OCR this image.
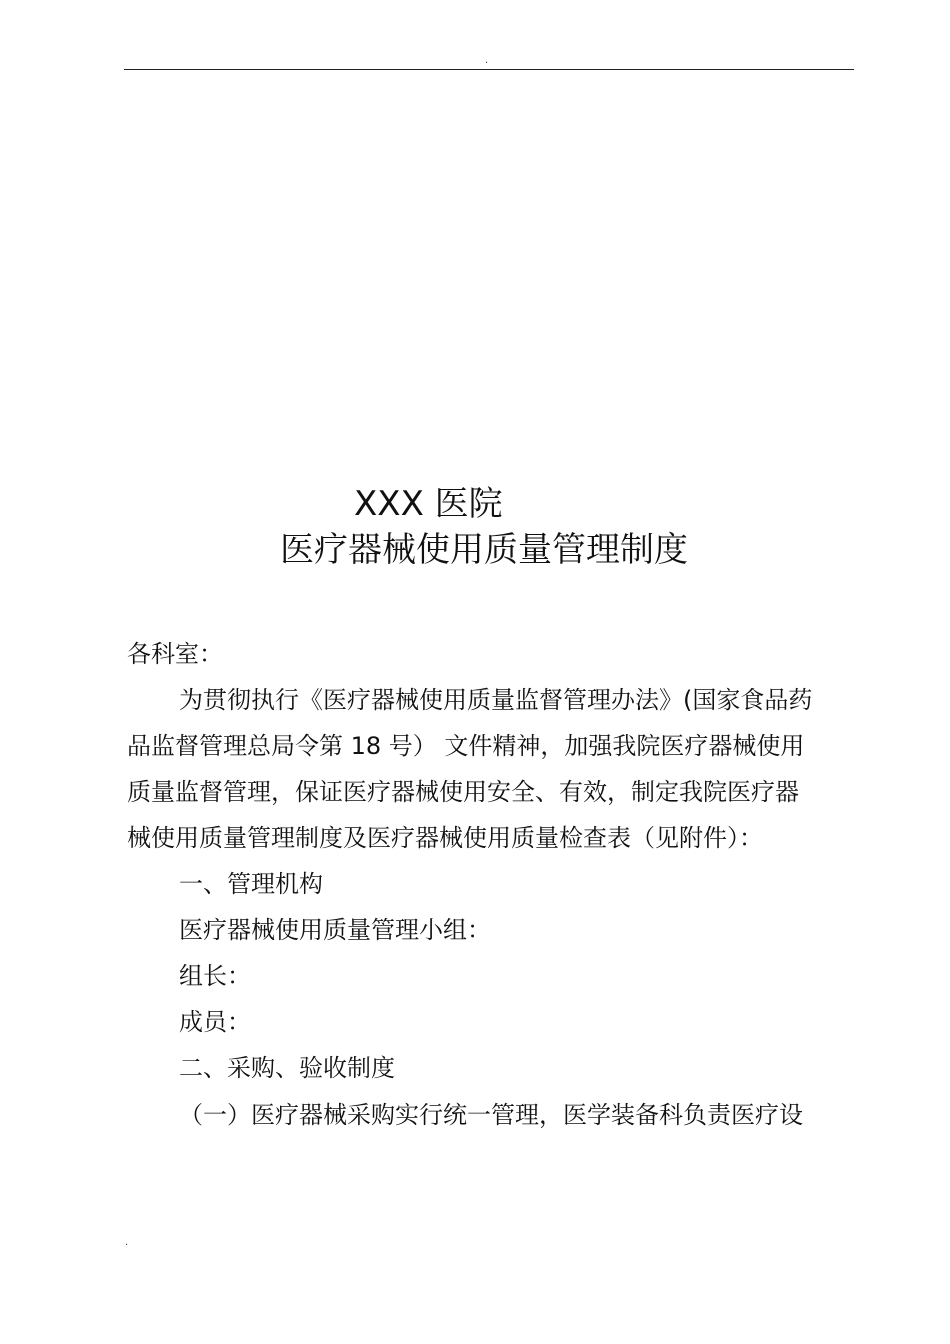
.
XXX 医院
医疗器械使用质量管理制度
各科室：
为贯彻执行《医疗器械使用质量监督管理办法》(国家食品药
品监督管理总局令第 18 号） 文件精神，加强我院医疗器械使用
质量监督管理，保证医疗器械使用安全、有效，制定我院医疗器
械使用质量管理制度及医疗器械使用质量检查表（见附件）：
一、管理机构
医疗器械使用质量管理小组：
组长：
成员：
二、采购、验收制度
（一）医疗器械采购实行统一管理，医学装备科负责医疗设
.
